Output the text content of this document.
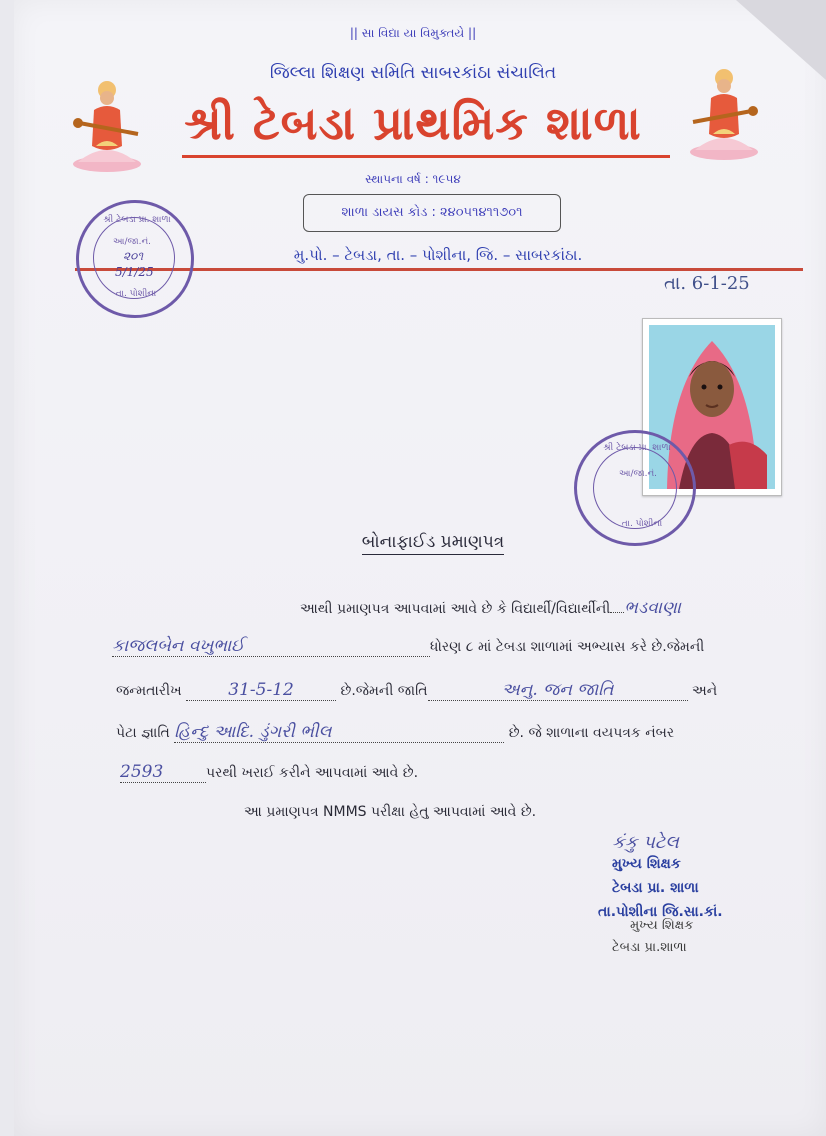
|| સા વિદ્યા યા વિમુક્તયે ||
જિલ્લા શિક્ષણ સમિતિ સાબરકાંઠા સંચાલિત
શ્રી ટેબડા પ્રાથમિક શાળા
સ્થાપના વર્ષ : ૧૯૫૪
શાળા ડાયસ કોડ : ૨૪૦૫૧૪૧૧૭૦૧
મુ.પો. – ટેબડા, તા. – પોશીના, જિ. – સાબરકાંઠા.
તા. 6-1-25
શ્રી ટેબડા પ્રા. શાળા
આ/જા.નં.
૨૦૧
5/1/25
તા. પોશીના
શ્રી ટેબડા પ્રા. શાળા
આ/જા.નં.
તા. પોશીના
બોનાફાઈડ પ્રમાણપત્ર
આથી પ્રમાણપત્ર આપવામાં આવે છે કે વિદ્યાર્થી/વિદ્યાર્થીની ભડવાણા
કાજલબેન વખુભાઈ	ધોરણ ૮ માં ટેબડા શાળામાં અભ્યાસ કરે છે.જેમની
જન્મતારીખ	31-5-12	છે.જેમની જાતિ	અનુ. જન જાતિ	અને
પેટા જ્ઞાતિ હિન્દુ આદિ. ડુંગરી ભીલ	છે. જે શાળાના વયપત્રક નંબર
2593	પરથી ખરાઈ કરીને આપવામાં આવે છે.
આ પ્રમાણપત્ર NMMS પરીક્ષા હેતુ આપવામાં આવે છે.
કંકુ પટેલ
મુખ્ય શિક્ષક
ટેબડા પ્રા. શાળા
તા.પોશીના જિ.સા.કાં.
મુખ્ય શિક્ષક
ટેબડા પ્રા.શાળા
